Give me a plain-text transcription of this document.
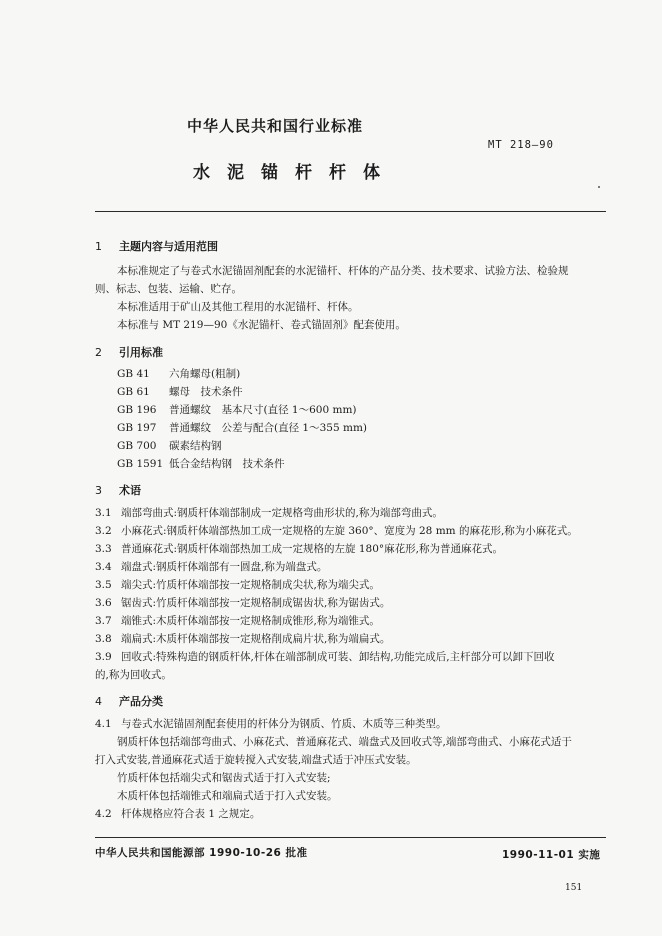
中华人民共和国行业标准
MT 218—90
水泥锚杆杆体
1 主题内容与适用范围
本标准规定了与卷式水泥锚固剂配套的水泥锚杆、杆体的产品分类、技术要求、试验方法、检验规
则、标志、包装、运输、贮存。
本标准适用于矿山及其他工程用的水泥锚杆、杆体。
本标准与 MT 219—90《水泥锚杆、卷式锚固剂》配套使用。
2 引用标准
GB 41 六角螺母(粗制)
GB 61 螺母　技术条件
GB 196 普通螺纹　基本尺寸(直径 1～600 mm)
GB 197 普通螺纹　公差与配合(直径 1～355 mm)
GB 700 碳素结构钢
GB 1591 低合金结构钢　技术条件
3 术语
3.1 端部弯曲式:钢质杆体端部制成一定规格弯曲形状的,称为端部弯曲式。
3.2 小麻花式:钢质杆体端部热加工成一定规格的左旋 360°、宽度为 28 mm 的麻花形,称为小麻花式。
3.3 普通麻花式:钢质杆体端部热加工成一定规格的左旋 180°麻花形,称为普通麻花式。
3.4 端盘式:钢质杆体端部有一圆盘,称为端盘式。
3.5 端尖式:竹质杆体端部按一定规格制成尖状,称为端尖式。
3.6 锯齿式:竹质杆体端部按一定规格制成锯齿状,称为锯齿式。
3.7 端锥式:木质杆体端部按一定规格制成锥形,称为端锥式。
3.8 端扁式:木质杆体端部按一定规格削成扁片状,称为端扁式。
3.9 回收式:特殊构造的钢质杆体,杆体在端部制成可装、卸结构,功能完成后,主杆部分可以卸下回收
的,称为回收式。
4 产品分类
4.1 与卷式水泥锚固剂配套使用的杆体分为钢质、竹质、木质等三种类型。
钢质杆体包括端部弯曲式、小麻花式、普通麻花式、端盘式及回收式等,端部弯曲式、小麻花式适于
打入式安装,普通麻花式适于旋转搅入式安装,端盘式适于冲压式安装。
竹质杆体包括端尖式和锯齿式适于打入式安装;
木质杆体包括端锥式和端扁式适于打入式安装。
4.2 杆体规格应符合表 1 之规定。
中华人民共和国能源部 1990-10-26 批准	1990-11-01 实施
151
